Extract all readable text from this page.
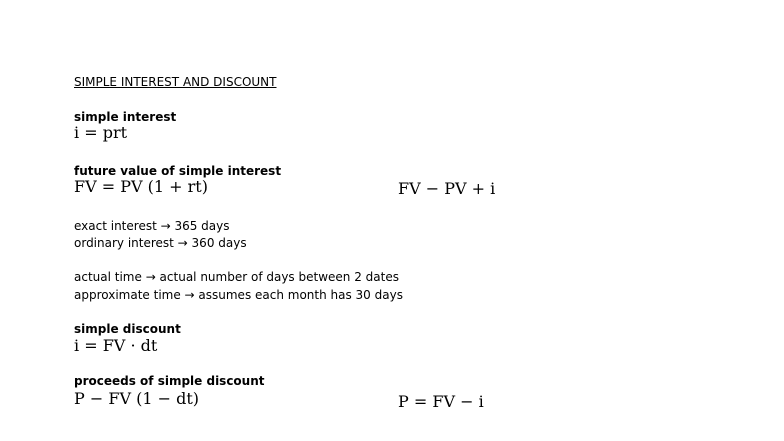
SIMPLE INTEREST AND DISCOUNT
simple interest
i = prt
future value of simple interest
FV = PV (1 + rt)	FV − PV + i
exact interest → 365 days
ordinary interest → 360 days
actual time → actual number of days between 2 dates
approximate time → assumes each month has 30 days
simple discount
i = FV · dt
proceeds of simple discount
P − FV (1 − dt)	P = FV − i
